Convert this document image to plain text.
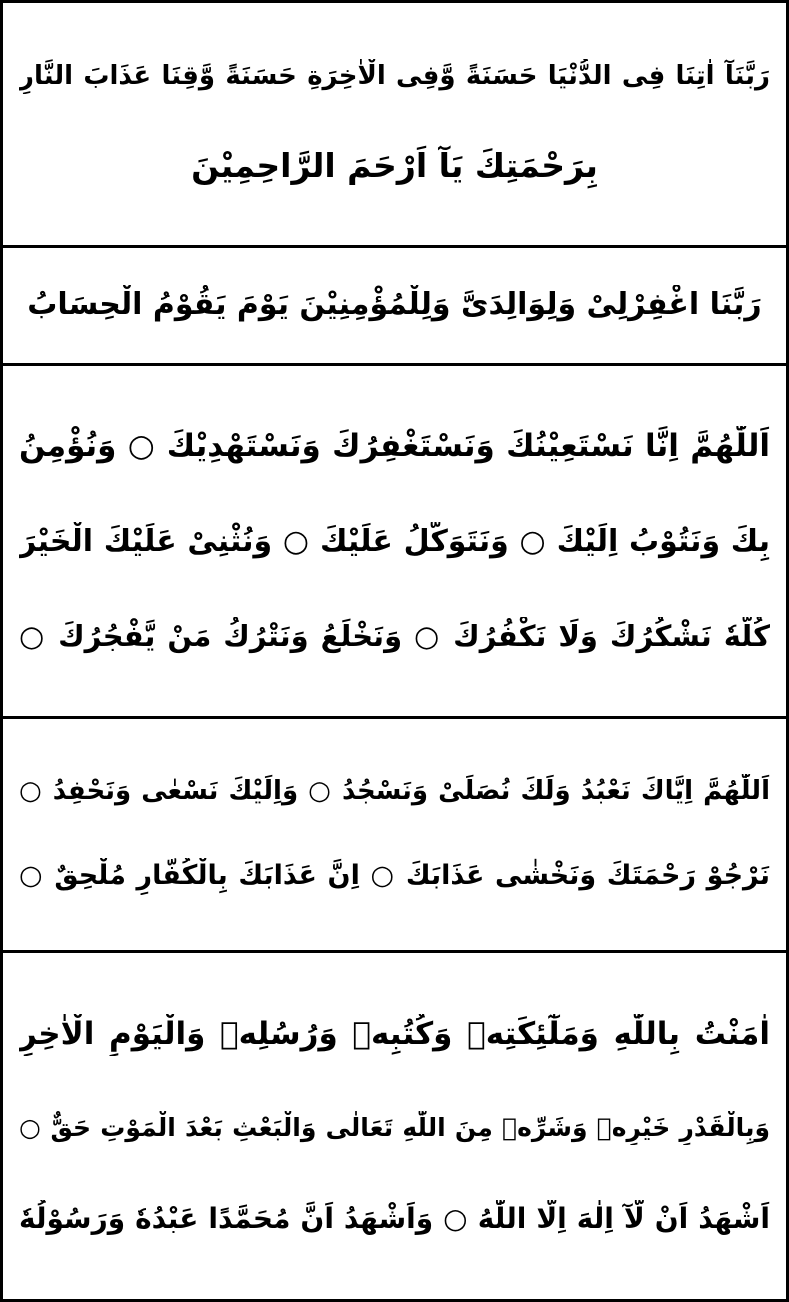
رَبَّنَآ اٰتِنَا فِی الدُّنْیَا حَسَنَةً وَّفِی الْاٰخِرَةِ حَسَنَةً وَّقِنَا عَذَابَ النَّارِ
بِرَحْمَتِكَ یَآ اَرْحَمَ الرَّاحِمِیْنَ
رَبَّنَا اغْفِرْلِیْ وَلِوَالِدَیَّ وَلِلْمُؤْمِنِیْنَ یَوْمَ یَقُوْمُ الْحِسَابُ
اَللّٰهُمَّ اِنَّا نَسْتَعِیْنُكَ وَنَسْتَغْفِرُكَ وَنَسْتَهْدِیْكَ ○ وَنُؤْمِنُ
بِكَ وَنَتُوْبُ اِلَیْكَ ○ وَنَتَوَكَّلُ عَلَیْكَ ○ وَنُثْنِیْ عَلَیْكَ الْخَیْرَ
كُلَّهٗ نَشْكُرُكَ وَلَا نَكْفُرُكَ ○ وَنَخْلَعُ وَنَتْرُكُ مَنْ یَّفْجُرُكَ ○
اَللّٰهُمَّ اِیَّاكَ نَعْبُدُ وَلَكَ نُصَلِّیْ وَنَسْجُدُ ○ وَاِلَیْكَ نَسْعٰی وَنَحْفِدُ ○
نَرْجُوْ رَحْمَتَكَ وَنَخْشٰی عَذَابَكَ ○ اِنَّ عَذَابَكَ بِالْكُفَّارِ مُلْحِقٌ ○
اٰمَنْتُ بِاللّٰهِ وَمَلٰٓئِكَتِهٖ وَكُتُبِهٖ وَرُسُلِهٖ وَالْیَوْمِ الْاٰخِرِ
وَبِالْقَدْرِ خَیْرِهٖ وَشَرِّهٖ مِنَ اللّٰهِ تَعَالٰی وَالْبَعْثِ بَعْدَ الْمَوْتِ حَقٌّ ○
اَشْهَدُ اَنْ لَّآ اِلٰهَ اِلَّا اللّٰهُ ○ وَاَشْهَدُ اَنَّ مُحَمَّدًا عَبْدُهٗ وَرَسُوْلُهٗ
